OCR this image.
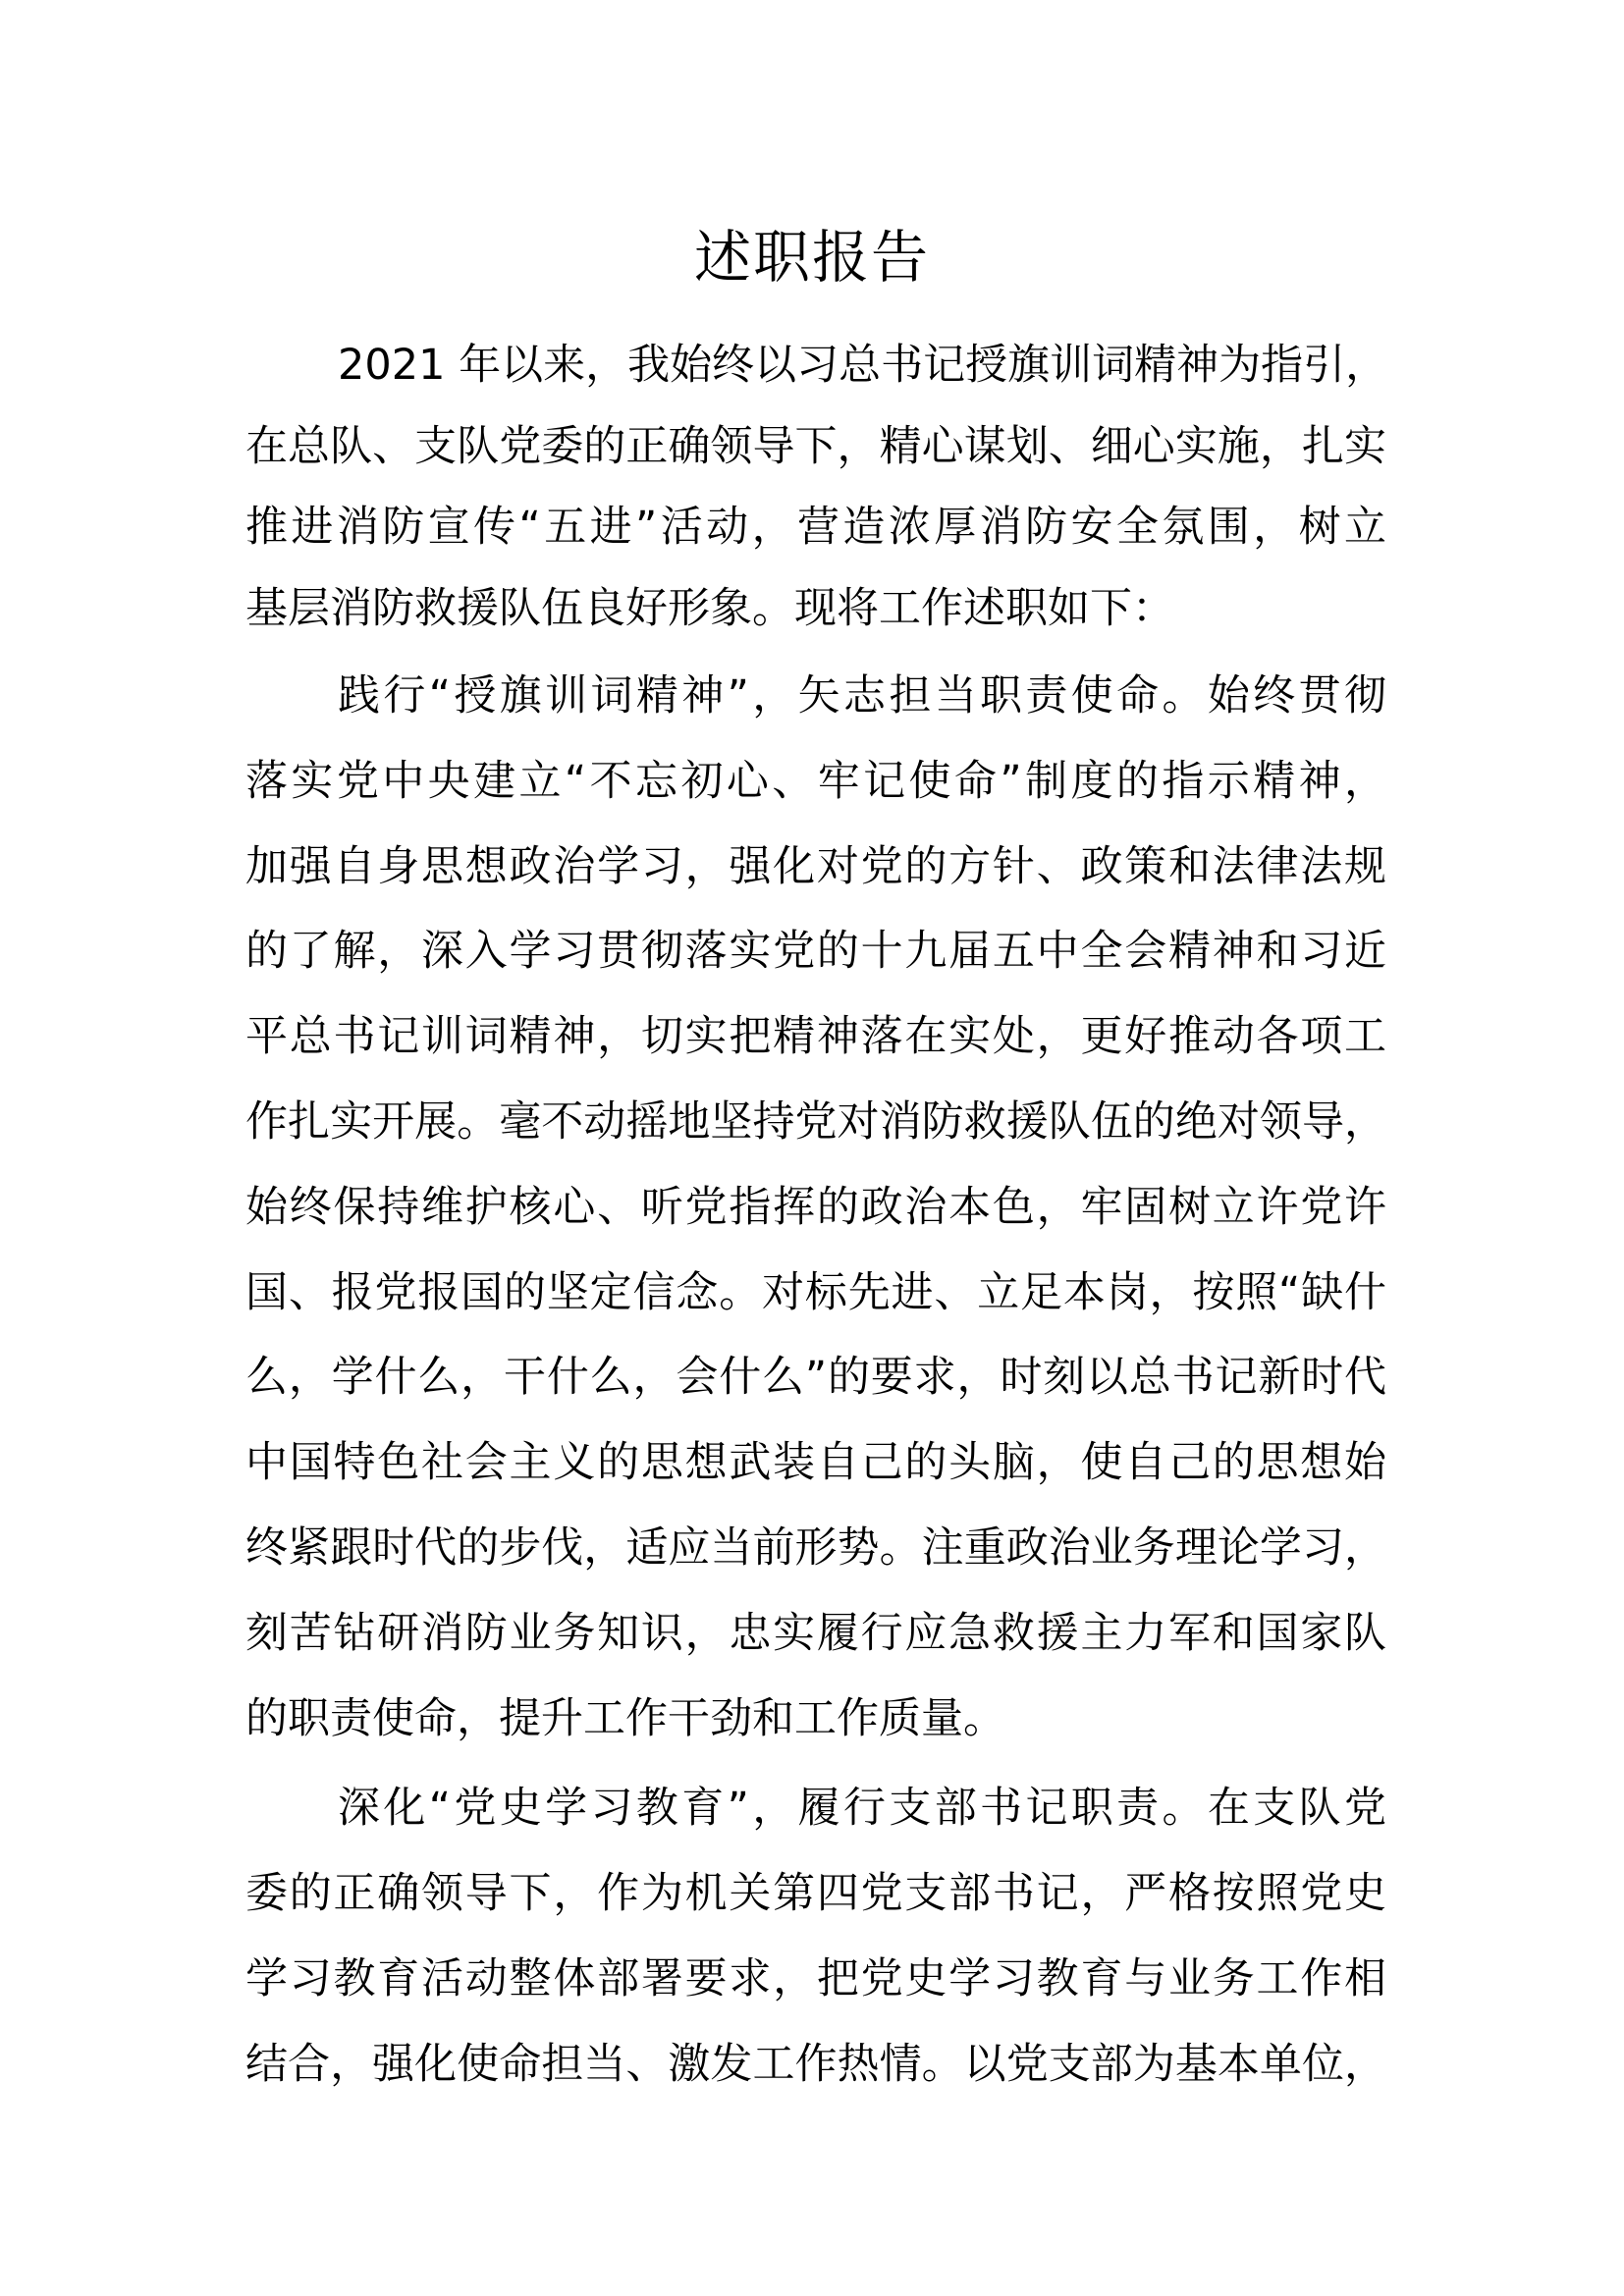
述职报告
2021 年以来，我始终以习总书记授旗训词精神为指引，
在总队、支队党委的正确领导下，精心谋划、细心实施，扎实
推进消防宣传“五进”活动，营造浓厚消防安全氛围，树立
基层消防救援队伍良好形象。现将工作述职如下：
践行“授旗训词精神”，矢志担当职责使命。始终贯彻
落实党中央建立“不忘初心、牢记使命”制度的指示精神，
加强自身思想政治学习，强化对党的方针、政策和法律法规
的了解，深入学习贯彻落实党的十九届五中全会精神和习近
平总书记训词精神，切实把精神落在实处，更好推动各项工
作扎实开展。毫不动摇地坚持党对消防救援队伍的绝对领导，
始终保持维护核心、听党指挥的政治本色，牢固树立许党许
国、报党报国的坚定信念。对标先进、立足本岗，按照“缺什
么，学什么，干什么，会什么”的要求，时刻以总书记新时代
中国特色社会主义的思想武装自己的头脑，使自己的思想始
终紧跟时代的步伐，适应当前形势。注重政治业务理论学习，
刻苦钻研消防业务知识，忠实履行应急救援主力军和国家队
的职责使命，提升工作干劲和工作质量。
深化“党史学习教育”，履行支部书记职责。在支队党
委的正确领导下，作为机关第四党支部书记，严格按照党史
学习教育活动整体部署要求，把党史学习教育与业务工作相
结合，强化使命担当、激发工作热情。以党支部为基本单位，
